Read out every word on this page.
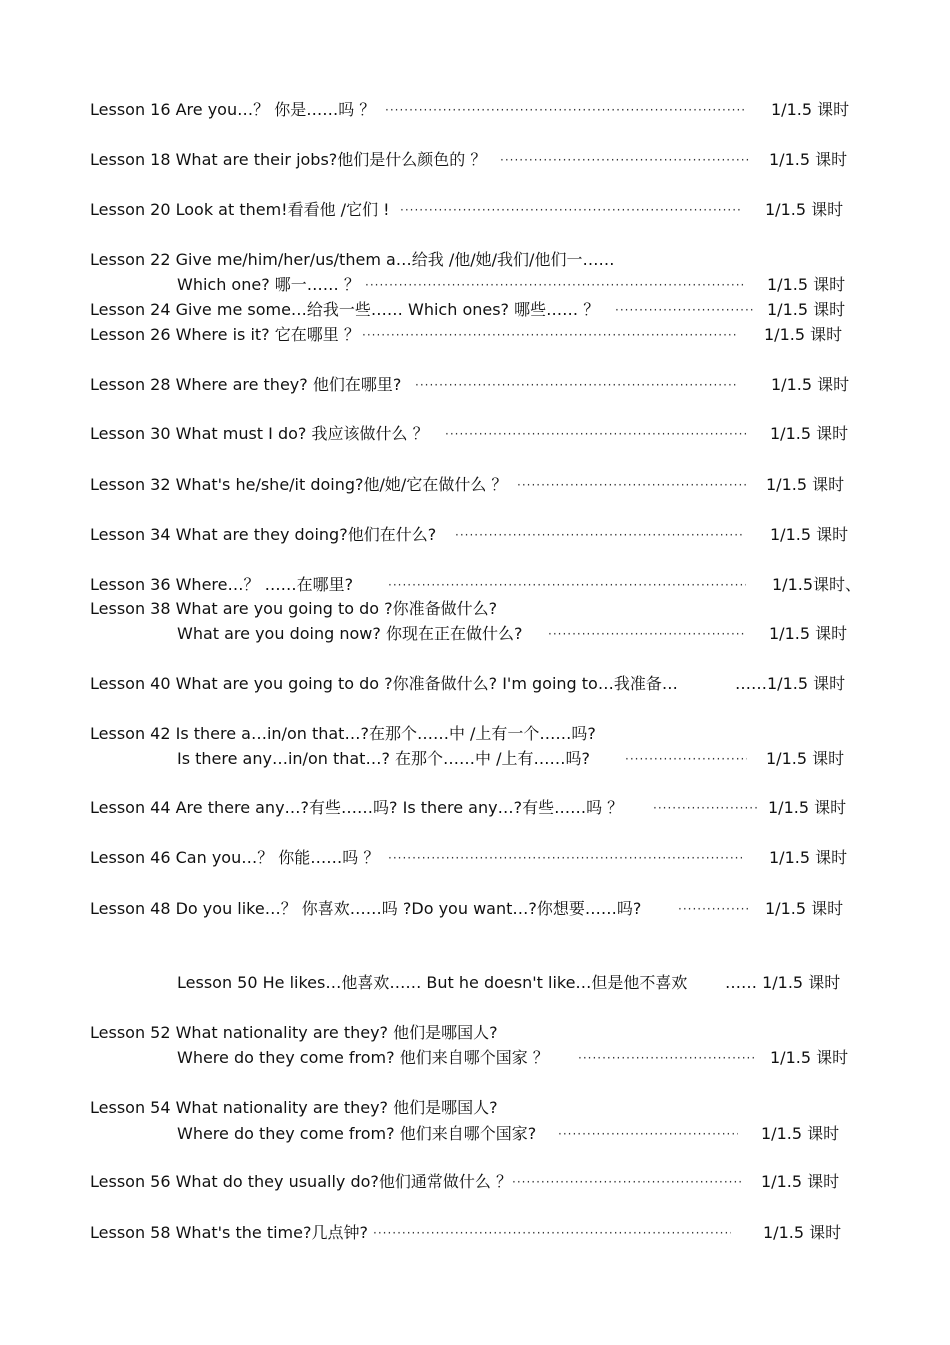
Lesson 16 Are you…？ 你是……吗 ？ ·····	1/1.5 课时
Lesson 18 What are their jobs?他们是什么颜色的 ？ ·····	1/1.5 课时
Lesson 20 Look at them!看看他 /它们 ! ·····	1/1.5 课时
Lesson 22 Give me/him/her/us/them a…给我 /他/她/我们/他们一……
Which one? 哪一…… ？ ·····	1/1.5 课时
Lesson 24 Give me some…给我一些…… Which ones? 哪些…… ？ ·····	1/1.5 课时
Lesson 26 Where is it? 它在哪里 ？ ·····	1/1.5 课时
Lesson 28 Where are they? 他们在哪里? ·····	1/1.5 课时
Lesson 30 What must I do? 我应该做什么 ？ ·····	1/1.5 课时
Lesson 32 What's he/she/it doing?他/她/它在做什么 ？ ·····	1/1.5 课时
Lesson 34 What are they doing?他们在什么? ·····	1/1.5 课时
Lesson 36 Where…？ ……在哪里? ·····	1/1.5课时、
Lesson 38 What are you going to do ?你准备做什么?
What are you doing now? 你现在正在做什么? ·····	1/1.5 课时
Lesson 40 What are you going to do ?你准备做什么? I'm going to…我准备…	……1/1.5 课时
Lesson 42 Is there a…in/on that…?在那个……中 /上有一个……吗?
Is there any…in/on that…? 在那个……中 /上有……吗? ·····	1/1.5 课时
Lesson 44 Are there any…?有些……吗? Is there any…?有些……吗 ？ ·····	1/1.5 课时
Lesson 46 Can you…？ 你能……吗 ？ ·····	1/1.5 课时
Lesson 48 Do you like…？ 你喜欢……吗 ?Do you want…?你想要……吗? ·····	1/1.5 课时
Lesson 50 He likes…他喜欢…… But he doesn't like…但是他不喜欢 …… 1/1.5 课时
Lesson 52 What nationality are they? 他们是哪国人?
Where do they come from? 他们来自哪个国家 ？ ·····	1/1.5 课时
Lesson 54 What nationality are they? 他们是哪国人?
Where do they come from? 他们来自哪个国家? ·····	1/1.5 课时
Lesson 56 What do they usually do?他们通常做什么 ？ ·····	1/1.5 课时
Lesson 58 What's the time?几点钟? ·····	1/1.5 课时
